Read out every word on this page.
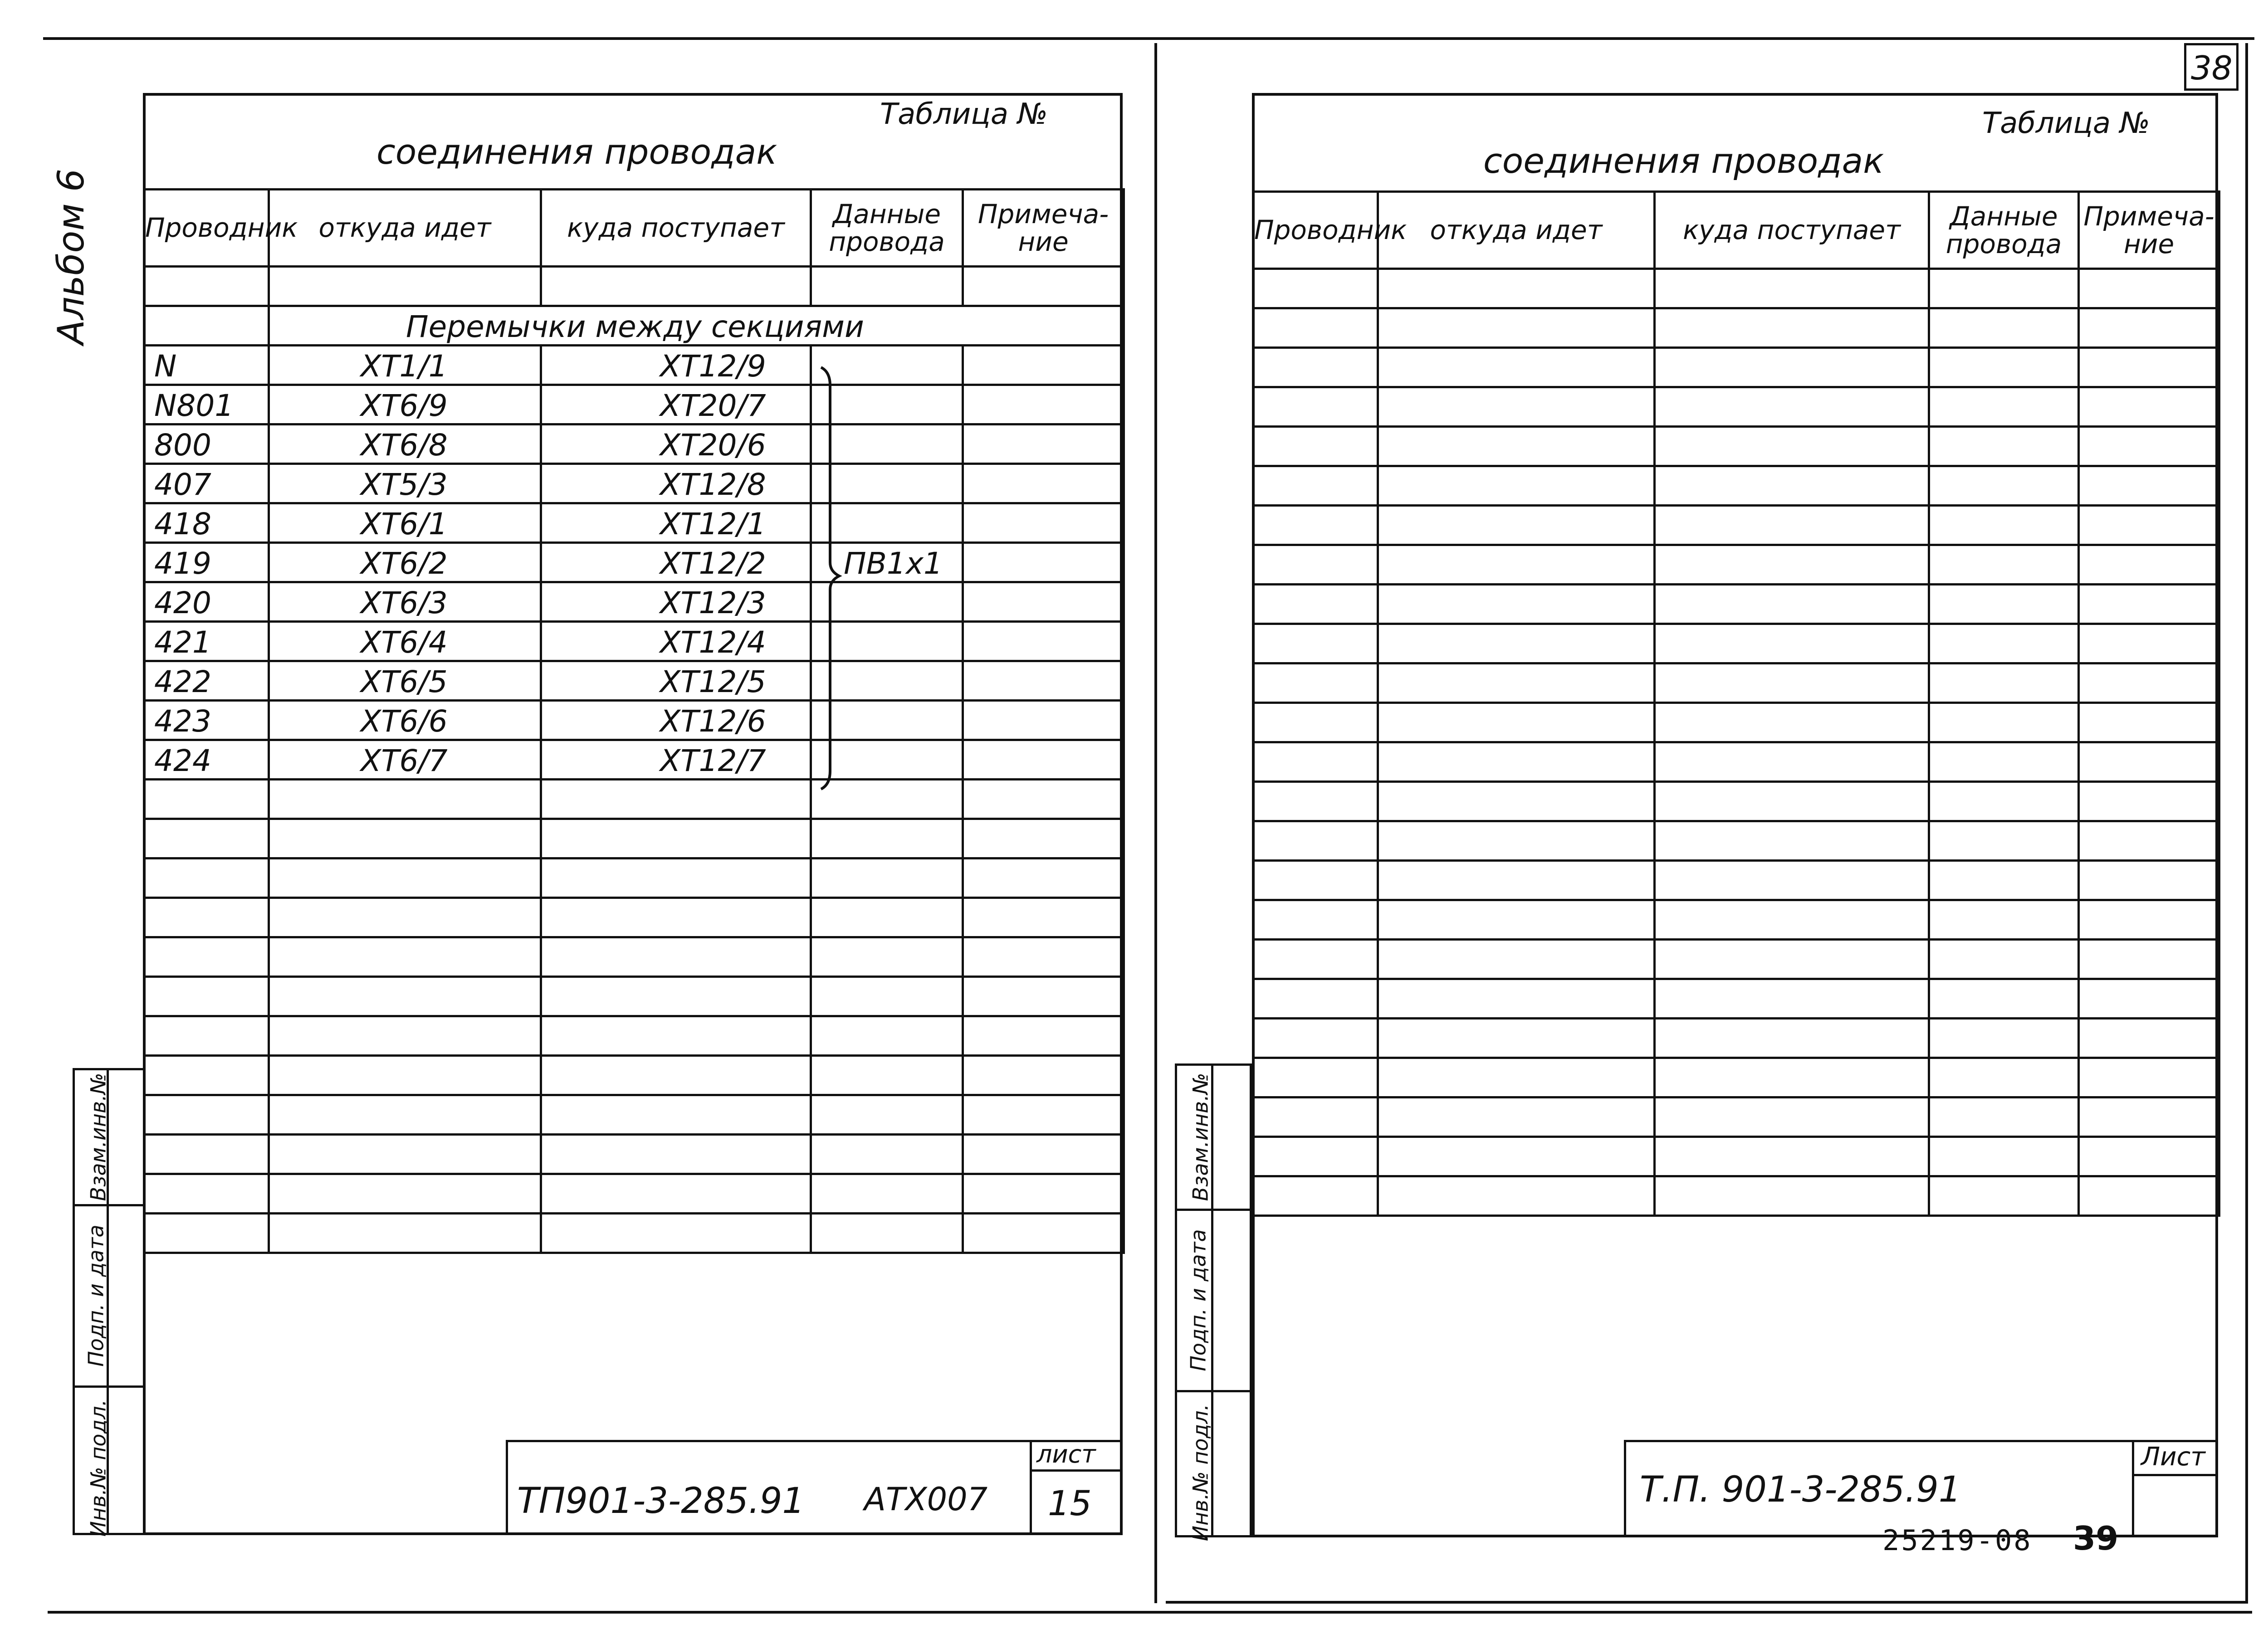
38
Альбом 6
Таблица №
соединения проводак
Проводник	откуда идет	куда поступает	Данные провода	Примеча-ние

	Перемычки между секциями			

N	XT1/1	XT12/9		

N801	XT6/9	XT20/7		

800	XT6/8	XT20/6		

407	XT5/3	XT12/8		

418	XT6/1	XT12/1		

419	XT6/2	XT12/2	ПВ1х1	

420	XT6/3	XT12/3		

421	XT6/4	XT12/4		

422	XT6/5	XT12/5		

423	XT6/6	XT12/6		

424	XT6/7	XT12/7		

Взам.инв.№
Подп. и дата
Инв.№ подл.	лист
15
ТП901-3-285.91 АТХ007
Таблица №
соединения проводак
Проводник	откуда идет	куда поступает	Данные провода	Примеча-ние

Взам.инв.№
Подп. и дата
Инв.№ подл.	Лист
Т.П. 901-3-285.91
25219-08 39
